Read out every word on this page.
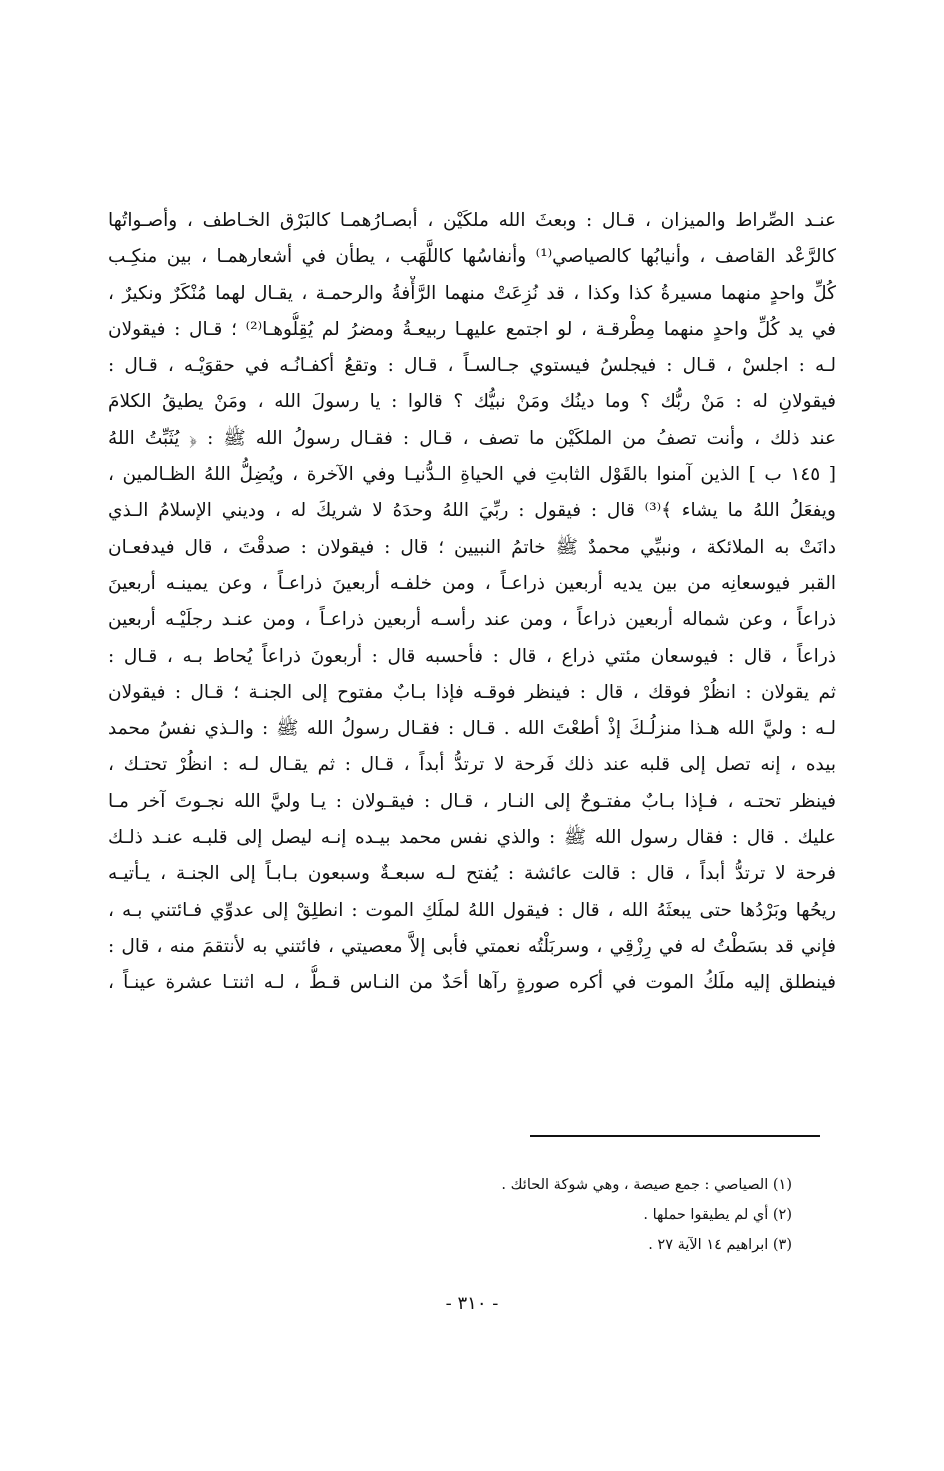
عنـد الصِّراط والميزان ، قـال : وبعثَ الله ملكَيْن ، أبصـارُهمـا كالبَرْق الخـاطف ، وأصـواتُها
كالرَّعْد القاصف ، وأنيابُها كالصياصي⁽¹⁾ وأنفاسُها كاللَّهَب ، يطأن في أشعارهمـا ، بين منكِـب
كُلِّ واحدٍ منهما مسيرةُ كذا وكذا ، قد نُزِعَتْ منهما الرَّأْفةُ والرحمـة ، يقـال لهما مُنْكَرٌ ونكيرٌ ،
في يد كُلِّ واحدٍ منهما مِطْرقـة ، لو اجتمع عليهـا ربيعـةُ ومضرُ لم يُقِلُّوهـا⁽²⁾ ؛ قـال : فيقولان
لـه : اجلسْ ، قـال : فيجلسُ فيستوي جـالسـاً ، قـال : وتقعُ أكفـانُـه في حقوَيْـه ، قـال :
فيقولانِ له : مَنْ ربُّك ؟ وما دينُك ومَنْ نبيُّك ؟ قالوا : يا رسولَ الله ، ومَنْ يطيقُ الكلامَ
عند ذلك ، وأنت تصفُ من الملكَيْن ما تصف ، قـال : فقـال رسولُ الله ﷺ : ﴿ يُثَبِّتُ اللهُ
[ ١٤٥ ب ] الذين آمنوا بالقَوْل الثابتِ في الحياةِ الـدُّنيـا وفي الآخرة ، ويُضِلُّ اللهُ الظـالمين ،
ويفعَلُ اللهُ ما يشاء ﴾⁽³⁾ قال : فيقول : ربِّيَ اللهُ وحدَهُ لا شريكَ له ، وديني الإسلامُ الـذي
دانَتْ به الملائكة ، ونبيِّي محمدٌ ﷺ خاتمُ النبيين ؛ قال : فيقولان : صدقْتَ ، قال فيدفعـان
القبر فيوسعانِه من بين يديه أربعين ذراعـاً ، ومن خلفـه أربعينَ ذراعـاً ، وعن يمينـه أربعينَ
ذراعاً ، وعن شماله أربعين ذراعاً ، ومن عند رأسـه أربعين ذراعـاً ، ومن عنـد رجلَيْـه أربعين
ذراعاً ، قال : فيوسعان مئتي ذراع ، قال : فأحسبه قال : أربعونَ ذراعاً يُحاط بـه ، قـال :
ثم يقولان : انظُرْ فوقك ، قال : فينظر فوقـه فإذا بـابٌ مفتوح إلى الجنـة ؛ قـال : فيقولان
لـه : وليَّ الله هـذا منزلُـكَ إذْ أطعْتَ الله . قـال : فقـال رسولُ الله ﷺ : والـذي نفسُ محمد
بيده ، إنه تصل إلى قلبه عند ذلك فَرحة لا ترتدُّ أبداً ، قـال : ثم يقـال لـه : انظُرْ تحتـك ،
فينظر تحتـه ، فـإذا بـابٌ مفتـوحٌ إلى النـار ، قـال : فيقـولان : يـا وليَّ الله نجـوتَ آخر مـا
عليك . قال : فقال رسول الله ﷺ : والذي نفس محمد بيـده إنـه ليصل إلى قلبـه عنـد ذلـك
فرحة لا ترتدُّ أبداً ، قال : قالت عائشة : يُفتح لـه سبعـةٌ وسبعون بـابـاً إلى الجنـة ، يـأتيـه
ريحُها وبَرْدُها حتى يبعثَهُ الله ، قال : فيقول اللهُ لملَكِ الموت : انطلِقْ إلى عدوِّي فـائتني بـه ،
فإني قد بسَطْتُ له في رِزْقِي ، وسربَلْتُه نعمتي فأبى إلاَّ معصيتي ، فائتني به لأنتقمَ منه ، قال :
فينطلق إليه ملَكُ الموت في أكره صورةٍ رآها أحَدٌ من النـاس قـطُّ ، لـه اثنتـا عشرة عينـاً ،
(١) الصياصي : جمع صيصة ، وهي شوكة الحائك .
(٢) أي لم يطيقوا حملها .
(٣) ابراهيم ١٤ الآية ٢٧ .
- ٣١٠ -
